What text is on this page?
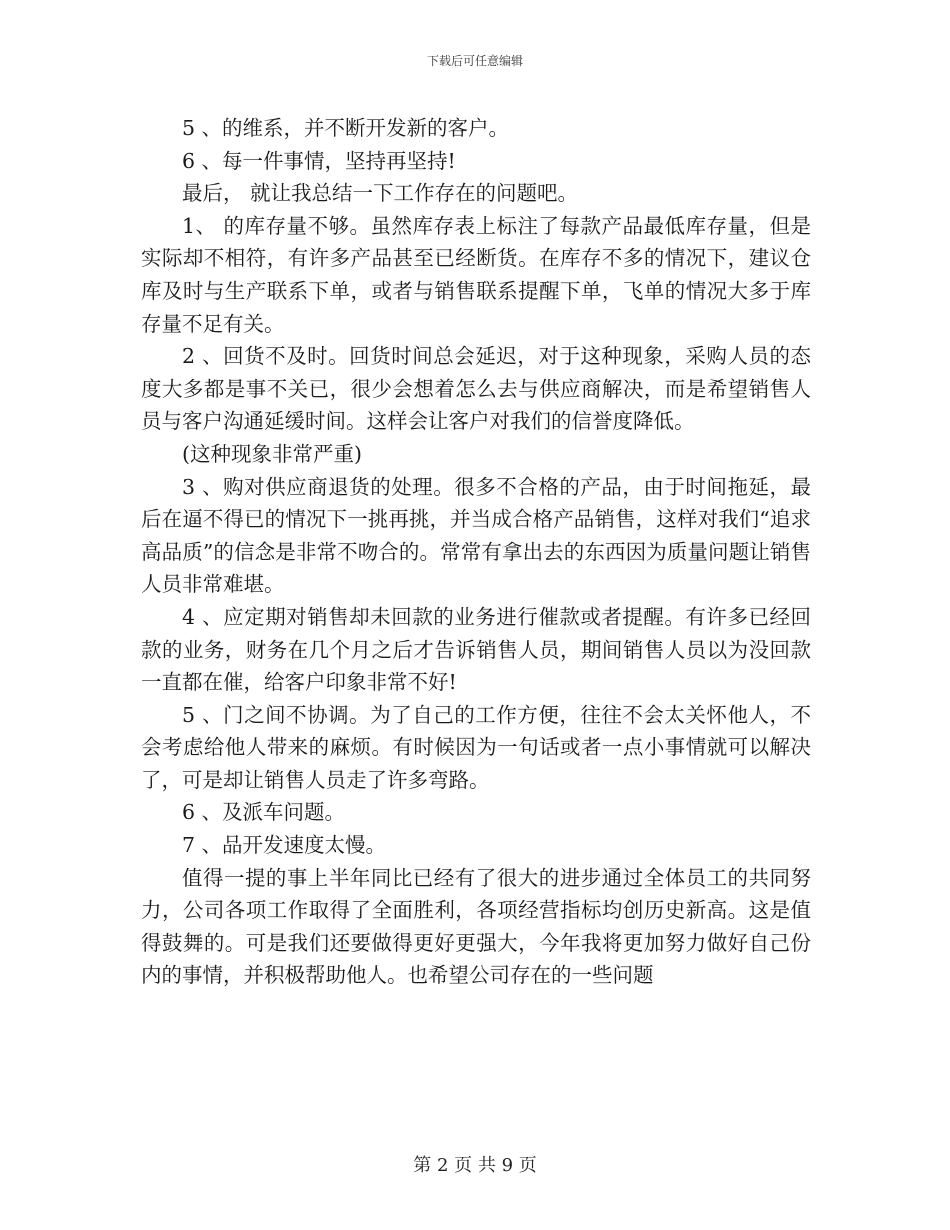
下载后可任意编辑

5 、的维系，并不断开发新的客户。

6 、每一件事情，坚持再坚持!

最后， 就让我总结一下工作存在的问题吧。

1、 的库存量不够。虽然库存表上标注了每款产品最低库存量，但是实际却不相符，有许多产品甚至已经断货。在库存不多的情况下，建议仓库及时与生产联系下单，或者与销售联系提醒下单，飞单的情况大多于库存量不足有关。

2 、回货不及时。回货时间总会延迟，对于这种现象，采购人员的态度大多都是事不关已，很少会想着怎么去与供应商解决，而是希望销售人员与客户沟通延缓时间。这样会让客户对我们的信誉度降低。

(这种现象非常严重)

3 、购对供应商退货的处理。很多不合格的产品，由于时间拖延，最后在逼不得已的情况下一挑再挑，并当成合格产品销售，这样对我们“追求高品质”的信念是非常不吻合的。常常有拿出去的东西因为质量问题让销售人员非常难堪。

4 、应定期对销售却未回款的业务进行催款或者提醒。有许多已经回款的业务，财务在几个月之后才告诉销售人员，期间销售人员以为没回款一直都在催，给客户印象非常不好!

5 、门之间不协调。为了自己的工作方便，往往不会太关怀他人，不会考虑给他人带来的麻烦。有时候因为一句话或者一点小事情就可以解决了，可是却让销售人员走了许多弯路。

6 、及派车问题。

7 、品开发速度太慢。

值得一提的事上半年同比已经有了很大的进步通过全体员工的共同努力，公司各项工作取得了全面胜利，各项经营指标均创历史新高。这是值得鼓舞的。可是我们还要做得更好更强大，今年我将更加努力做好自己份内的事情，并积极帮助他人。也希望公司存在的一些问题

第 2 页 共 9 页
